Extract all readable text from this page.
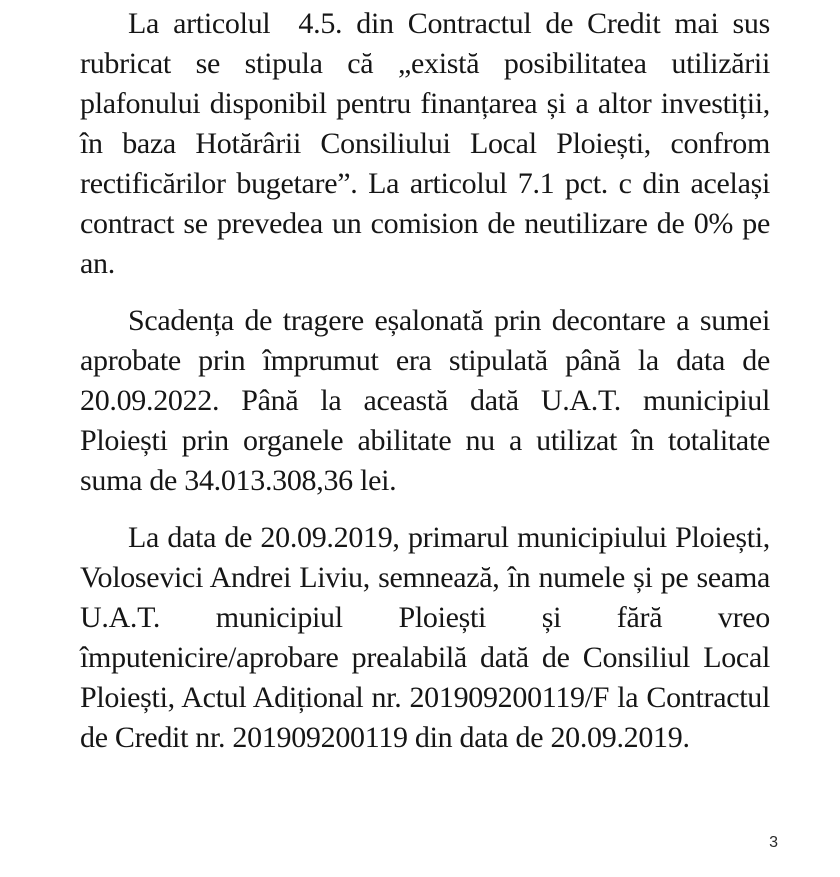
La articolul  4.5. din Contractul de Credit mai sus rubricat se stipula că „există posibilitatea utilizării plafonului disponibil pentru finanțarea și a altor investiții, în baza Hotărârii Consiliului Local Ploiești, confrom rectificărilor bugetare”. La articolul 7.1 pct. c din același contract se prevedea un comision de neutilizare de 0% pe an.

Scadența de tragere eșalonată prin decontare a sumei aprobate prin împrumut era stipulată până la data de 20.09.2022. Până la această dată U.A.T. municipiul Ploiești prin organele abilitate nu a utilizat în totalitate suma de 34.013.308,36 lei.

La data de 20.09.2019, primarul municipiului Ploiești, Volosevici Andrei Liviu, semnează, în numele și pe seama U.A.T. municipiul Ploiești și fără vreo împutenicire/aprobare prealabilă dată de Consiliul Local Ploiești, Actul Adițional nr. 201909200119/F la Contractul de Credit nr. 201909200119 din data de 20.09.2019.

3
